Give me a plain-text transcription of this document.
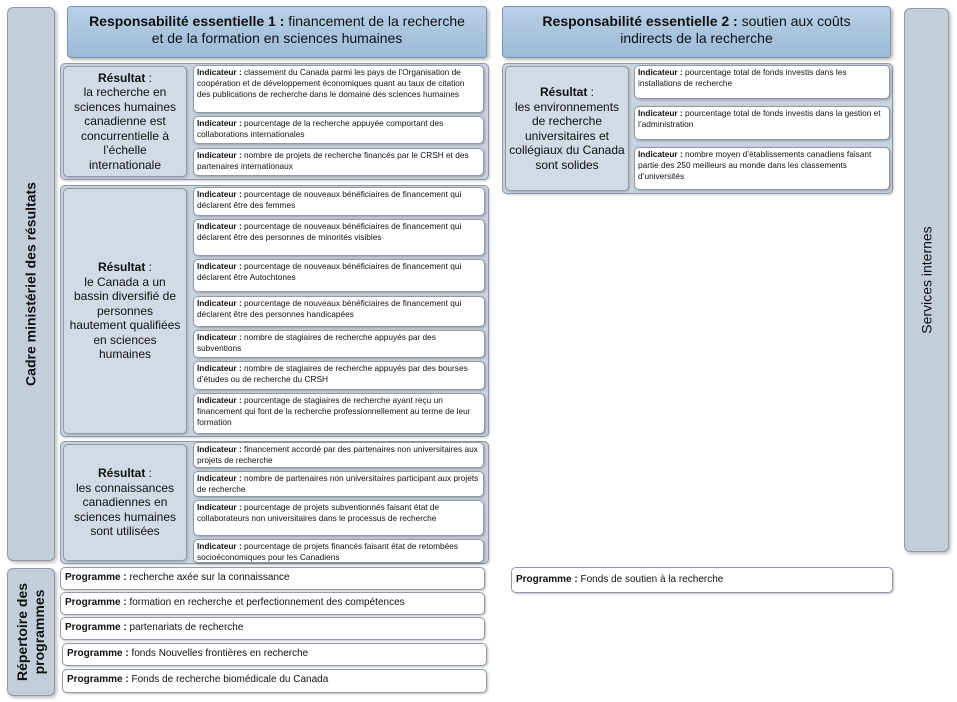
Cadre ministériel des résultats
Répertoire des
programmes
Services internes
Responsabilité essentielle 1 : financement de la recherche
et de la formation en sciences humaines
Responsabilité essentielle 2 : soutien aux coûts
indirects de la recherche
Résultat :
la recherche en sciences humaines canadienne est concurrentielle à l’échelle internationale
Résultat :
le Canada a un bassin diversifié de personnes hautement qualifiées en sciences humaines
Résultat :
les connaissances canadiennes en sciences humaines sont utilisées
Résultat :
les environnements de recherche universitaires et collégiaux du Canada sont solides
Indicateur : classement du Canada parmi les pays de l’Organisation de coopération et de développement économiques quant au taux de citation des publications de recherche dans le domaine des sciences humaines
Indicateur : pourcentage de la recherche appuyée comportant des collaborations internationales
Indicateur : nombre de projets de recherche financés par le CRSH et des partenaires internationaux
Indicateur : pourcentage de nouveaux bénéficiaires de financement qui déclarent être des femmes
Indicateur : pourcentage de nouveaux bénéficiaires de financement qui déclarent être des personnes de minorités visibles
Indicateur : pourcentage de nouveaux bénéficiaires de financement qui déclarent être Autochtones
Indicateur : pourcentage de nouveaux bénéficiaires de financement qui déclarent être des personnes handicapées
Indicateur : nombre de stagiaires de recherche appuyés par des subventions
Indicateur : nombre de stagiaires de recherche appuyés par des bourses d’études ou de recherche du CRSH
Indicateur : pourcentage de stagiaires de recherche ayant reçu un financement qui font de la recherche professionnellement au terme de leur formation
Indicateur : financement accordé par des partenaires non universitaires aux projets de recherche
Indicateur : nombre de partenaires non universitaires participant aux projets de recherche
Indicateur : pourcentage de projets subventionnés faisant état de collaborateurs non universitaires dans le processus de recherche
Indicateur : pourcentage de projets financés faisant état de retombées socioéconomiques pour les Canadiens
Indicateur : pourcentage total de fonds investis dans les installations de recherche
Indicateur : pourcentage total de fonds investis dans la gestion et l’administration
Indicateur : nombre moyen d’établissements canadiens faisant partie des 250 meilleurs au monde dans les classements d’universités
Programme : recherche axée sur la connaissance
Programme : formation en recherche et perfectionnement des compétences
Programme : partenariats de recherche
Programme : fonds Nouvelles frontières en recherche
Programme : Fonds de recherche biomédicale du Canada
Programme : Fonds de soutien à la recherche
